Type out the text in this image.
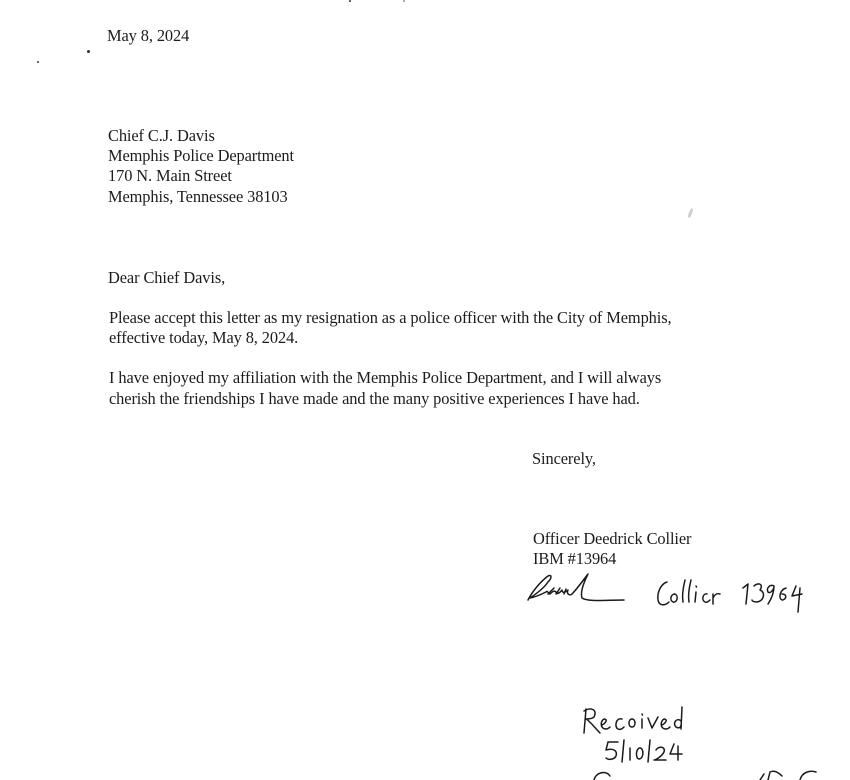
May 8, 2024
Chief C.J. Davis
Memphis Police Department
170 N. Main Street
Memphis, Tennessee 38103
Dear Chief Davis,
Please accept this letter as my resignation as a police officer with the City of Memphis,
effective today, May 8, 2024.
I have enjoyed my affiliation with the Memphis Police Department, and I will always
cherish the friendships I have made and the many positive experiences I have had.
Sincerely,
Officer Deedrick Collier
IBM #13964
